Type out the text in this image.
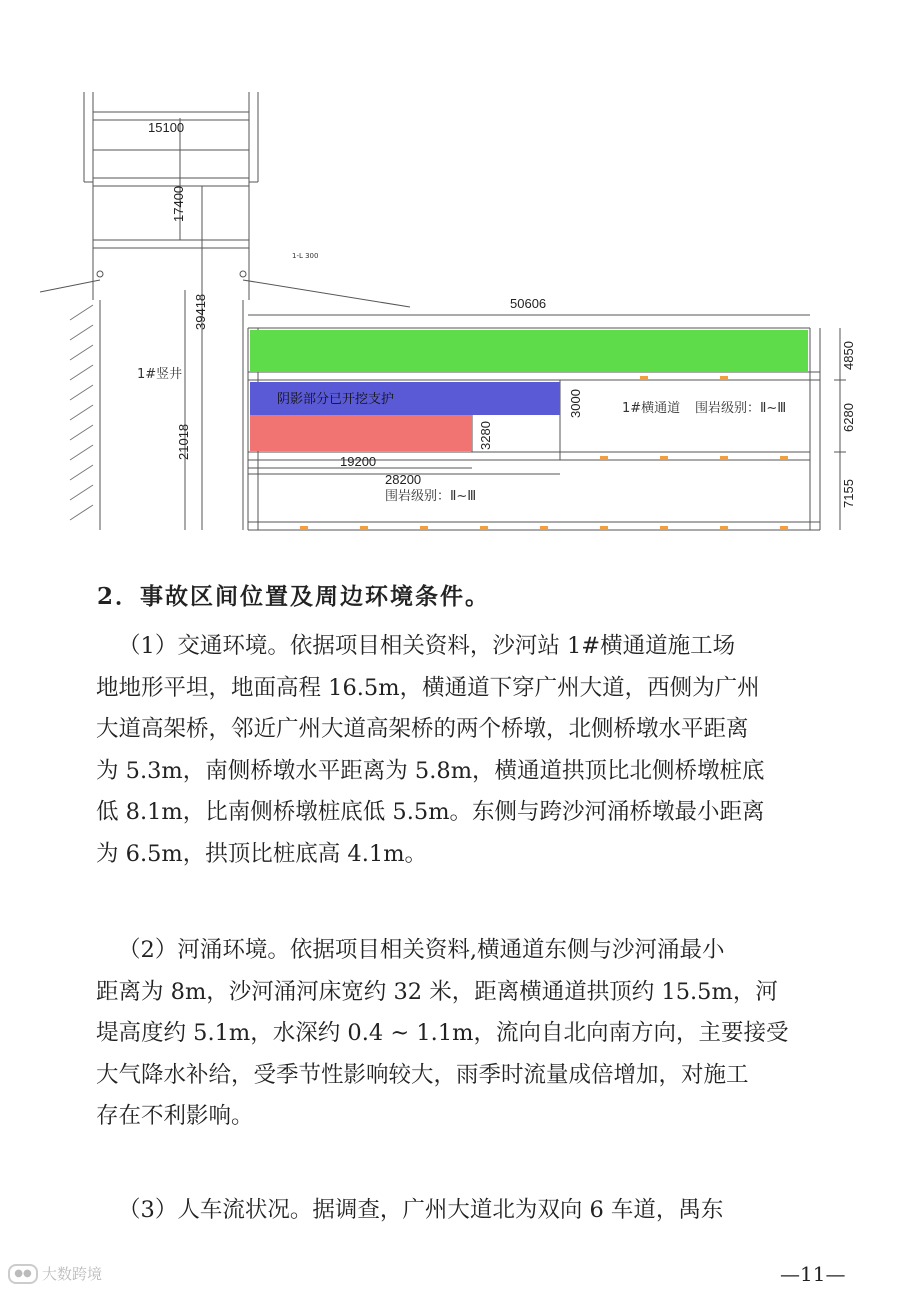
15100
17400
39418
21018
50606
4850
6280
7155
3000
3280
19200
28200
1-L 300
1#竖井
阴影部分已开挖支护
1#横通道 围岩级别：Ⅱ~Ⅲ
围岩级别：Ⅱ~Ⅲ
2．事故区间位置及周边环境条件。
（1）交通环境。依据项目相关资料，沙河站 1#横通道施工场
地地形平坦，地面高程 16.5m，横通道下穿广州大道，西侧为广州
大道高架桥，邻近广州大道高架桥的两个桥墩，北侧桥墩水平距离
为 5.3m，南侧桥墩水平距离为 5.8m，横通道拱顶比北侧桥墩桩底
低 8.1m，比南侧桥墩桩底低 5.5m。东侧与跨沙河涌桥墩最小距离
为 6.5m，拱顶比桩底高 4.1m。
（2）河涌环境。依据项目相关资料,横通道东侧与沙河涌最小
距离为 8m，沙河涌河床宽约 32 米，距离横通道拱顶约 15.5m，河
堤高度约 5.1m，水深约 0.4 ~ 1.1m，流向自北向南方向，主要接受
大气降水补给，受季节性影响较大，雨季时流量成倍增加，对施工
存在不利影响。
（3）人车流状况。据调查，广州大道北为双向 6 车道，禺东
—11—
●● 大数跨境
